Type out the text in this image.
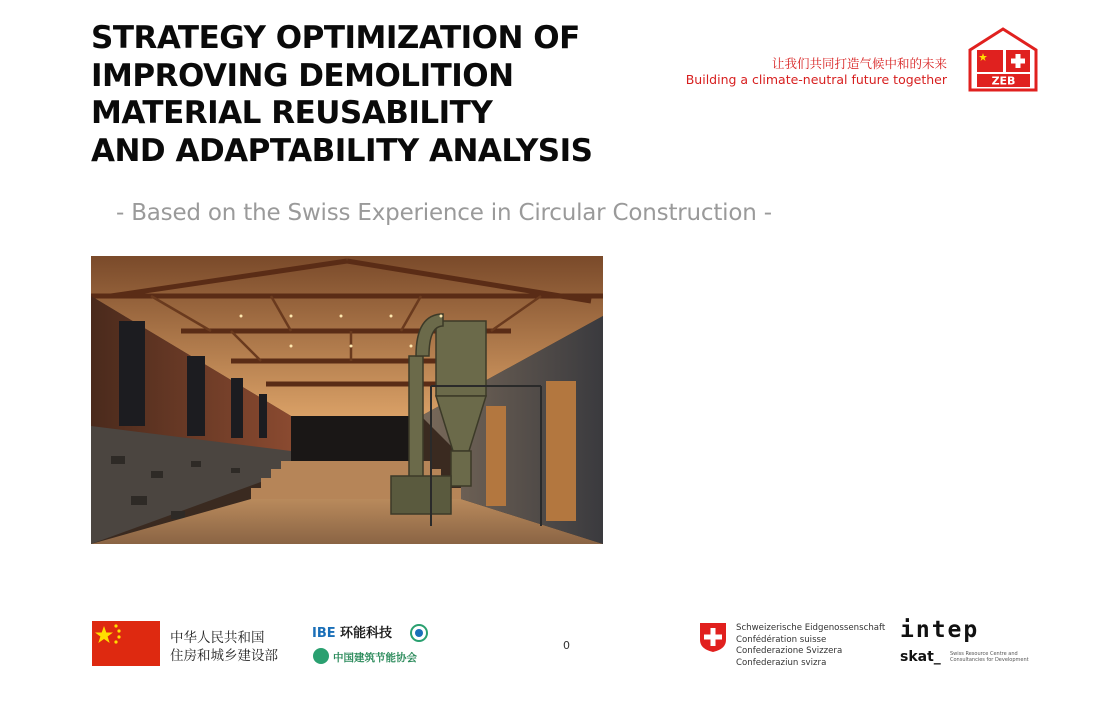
STRATEGY OPTIMIZATION OF
IMPROVING DEMOLITION
MATERIAL REUSABILITY
AND ADAPTABILITY ANALYSIS
让我们共同打造气候中和的未来
Building a climate-neutral future together	ZEB
- Based on the Swiss Experience in Circular Construction -
中华人民共和国
住房和城乡建设部
IBE 环能科技
中国建筑节能协会
0
Schweizerische Eidgenossenschaft
Confédération suisse
Confederazione Svizzera
Confederaziun svizra
intep
skat_ Swiss Resource Centre and
Consultancies for Development
